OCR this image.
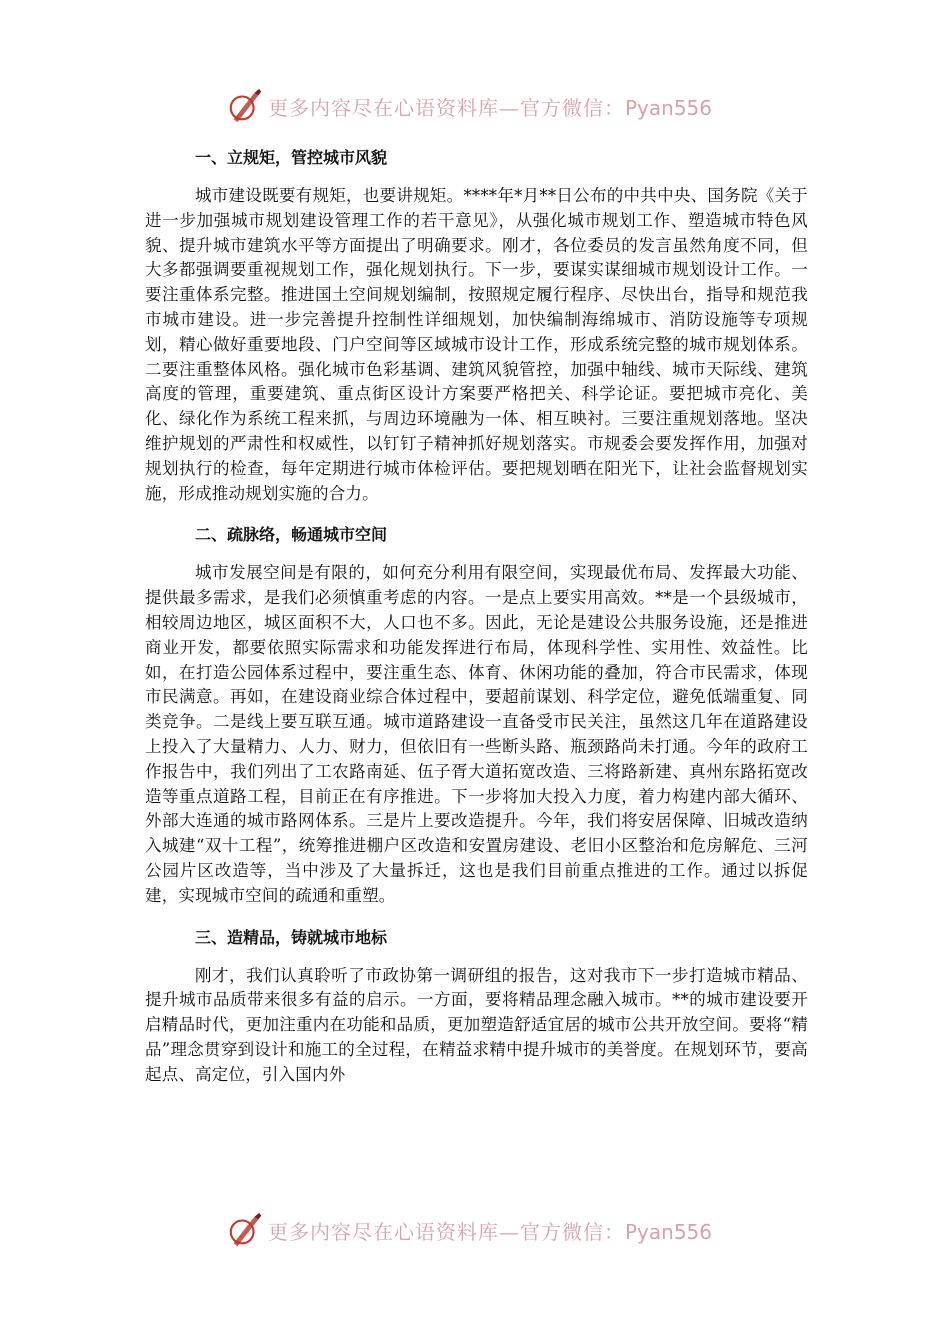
更多内容尽在心语资料库—官方微信：Pyan556
一、立规矩，管控城市风貌

城市建设既要有规矩，也要讲规矩。****年*月**日公布的中共中央、国务院《关于进一步加强城市规划建设管理工作的若干意见》，从强化城市规划工作、塑造城市特色风貌、提升城市建筑水平等方面提出了明确要求。刚才，各位委员的发言虽然角度不同，但大多都强调要重视规划工作，强化规划执行。下一步，要谋实谋细城市规划设计工作。一要注重体系完整。推进国土空间规划编制，按照规定履行程序、尽快出台，指导和规范我市城市建设。进一步完善提升控制性详细规划，加快编制海绵城市、消防设施等专项规划，精心做好重要地段、门户空间等区域城市设计工作，形成系统完整的城市规划体系。二要注重整体风格。强化城市色彩基调、建筑风貌管控，加强中轴线、城市天际线、建筑高度的管理，重要建筑、重点街区设计方案要严格把关、科学论证。要把城市亮化、美化、绿化作为系统工程来抓，与周边环境融为一体、相互映衬。三要注重规划落地。坚决维护规划的严肃性和权威性，以钉钉子精神抓好规划落实。市规委会要发挥作用，加强对规划执行的检查，每年定期进行城市体检评估。要把规划晒在阳光下，让社会监督规划实施，形成推动规划实施的合力。

二、疏脉络，畅通城市空间

城市发展空间是有限的，如何充分利用有限空间，实现最优布局、发挥最大功能、提供最多需求，是我们必须慎重考虑的内容。一是点上要实用高效。**是一个县级城市，相较周边地区，城区面积不大，人口也不多。因此，无论是建设公共服务设施，还是推进商业开发，都要依照实际需求和功能发挥进行布局，体现科学性、实用性、效益性。比如，在打造公园体系过程中，要注重生态、体育、休闲功能的叠加，符合市民需求，体现市民满意。再如，在建设商业综合体过程中，要超前谋划、科学定位，避免低端重复、同类竞争。二是线上要互联互通。城市道路建设一直备受市民关注，虽然这几年在道路建设上投入了大量精力、人力、财力，但依旧有一些断头路、瓶颈路尚未打通。今年的政府工作报告中，我们列出了工农路南延、伍子胥大道拓宽改造、三将路新建、真州东路拓宽改造等重点道路工程，目前正在有序推进。下一步将加大投入力度，着力构建内部大循环、外部大连通的城市路网体系。三是片上要改造提升。今年，我们将安居保障、旧城改造纳入城建“双十工程”，统筹推进棚户区改造和安置房建设、老旧小区整治和危房解危、三河公园片区改造等，当中涉及了大量拆迁，这也是我们目前重点推进的工作。通过以拆促建，实现城市空间的疏通和重塑。

三、造精品，铸就城市地标

刚才，我们认真聆听了市政协第一调研组的报告，这对我市下一步打造城市精品、提升城市品质带来很多有益的启示。一方面，要将精品理念融入城市。**的城市建设要开启精品时代，更加注重内在功能和品质，更加塑造舒适宜居的城市公共开放空间。要将“精品”理念贯穿到设计和施工的全过程，在精益求精中提升城市的美誉度。在规划环节，要高起点、高定位，引入国内外

更多内容尽在心语资料库—官方微信：Pyan556
